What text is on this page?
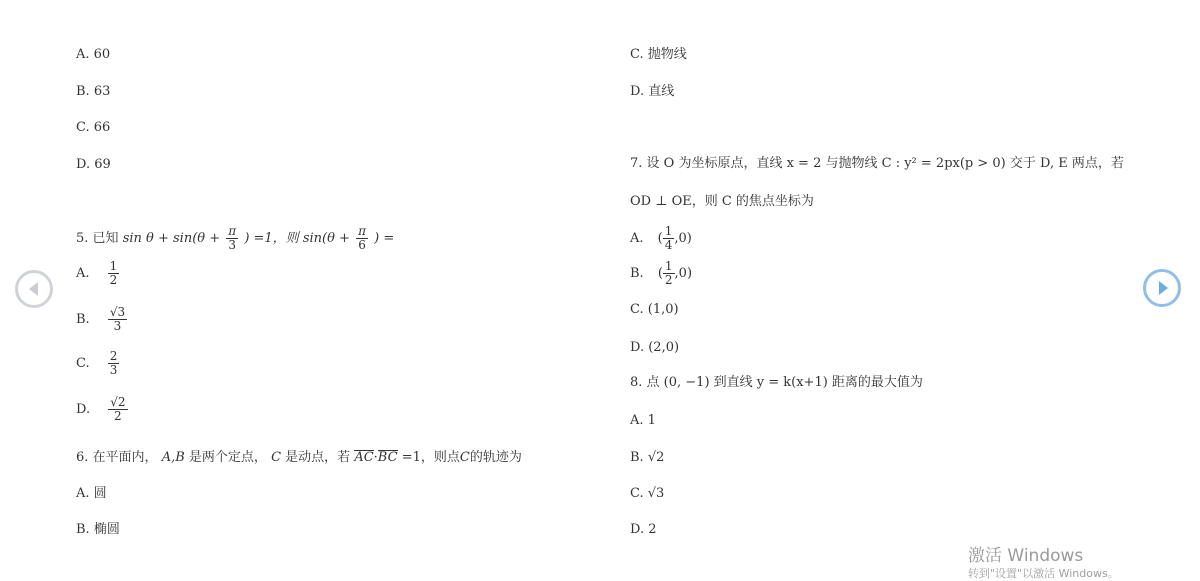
A. 60
B. 63
C. 66
D. 69
5. 已知 $\sin \theta + \sin(\theta + \frac{\pi}{3}$ ) =1，则 $\sin(\theta + \frac{\pi}{6}$ ) =
A. $\frac{1}{2}$
B. $\frac{√3}{3}$
C. $\frac{2}{3}$
D. $\frac{√2}{2}$
6. 在平面内， A,B 是两个定点， C 是动点，若 AC·BC =1，则点C的轨迹为
A. 圆
B. 椭圆
C. 抛物线
D. 直线
7. 设 O 为坐标原点，直线 x = 2 与抛物线 C : y² = 2px(p > 0) 交于 D, E 两点，若
OD ⊥ OE，则 C 的焦点坐标为
A. ( $\frac{1}{4} ,0$)
B. ( $\frac{1}{2} ,0$)
C. (1,0)
D. (2,0)
8. 点 (0, −1) 到直线 y = k(x+1) 距离的最大值为
A. 1
B. √2
C. √3
D. 2
激活 Windows
转到"设置"以激活 Windows。
